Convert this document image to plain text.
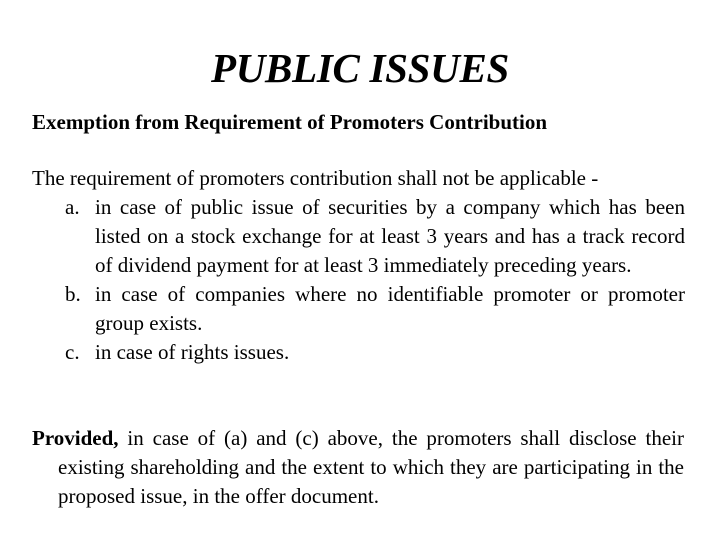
PUBLIC ISSUES
Exemption from Requirement of Promoters Contribution
The requirement of promoters contribution shall not be applicable -
a. in case of public issue of securities by a company which has been listed on a stock exchange for at least 3 years and has a track record of dividend payment for at least 3 immediately preceding years.
b. in case of companies where no identifiable promoter or promoter group exists.
c. in case of rights issues.
Provided, in case of (a) and (c) above, the promoters shall disclose their existing shareholding and the extent to which they are participating in the proposed issue, in the offer document.
